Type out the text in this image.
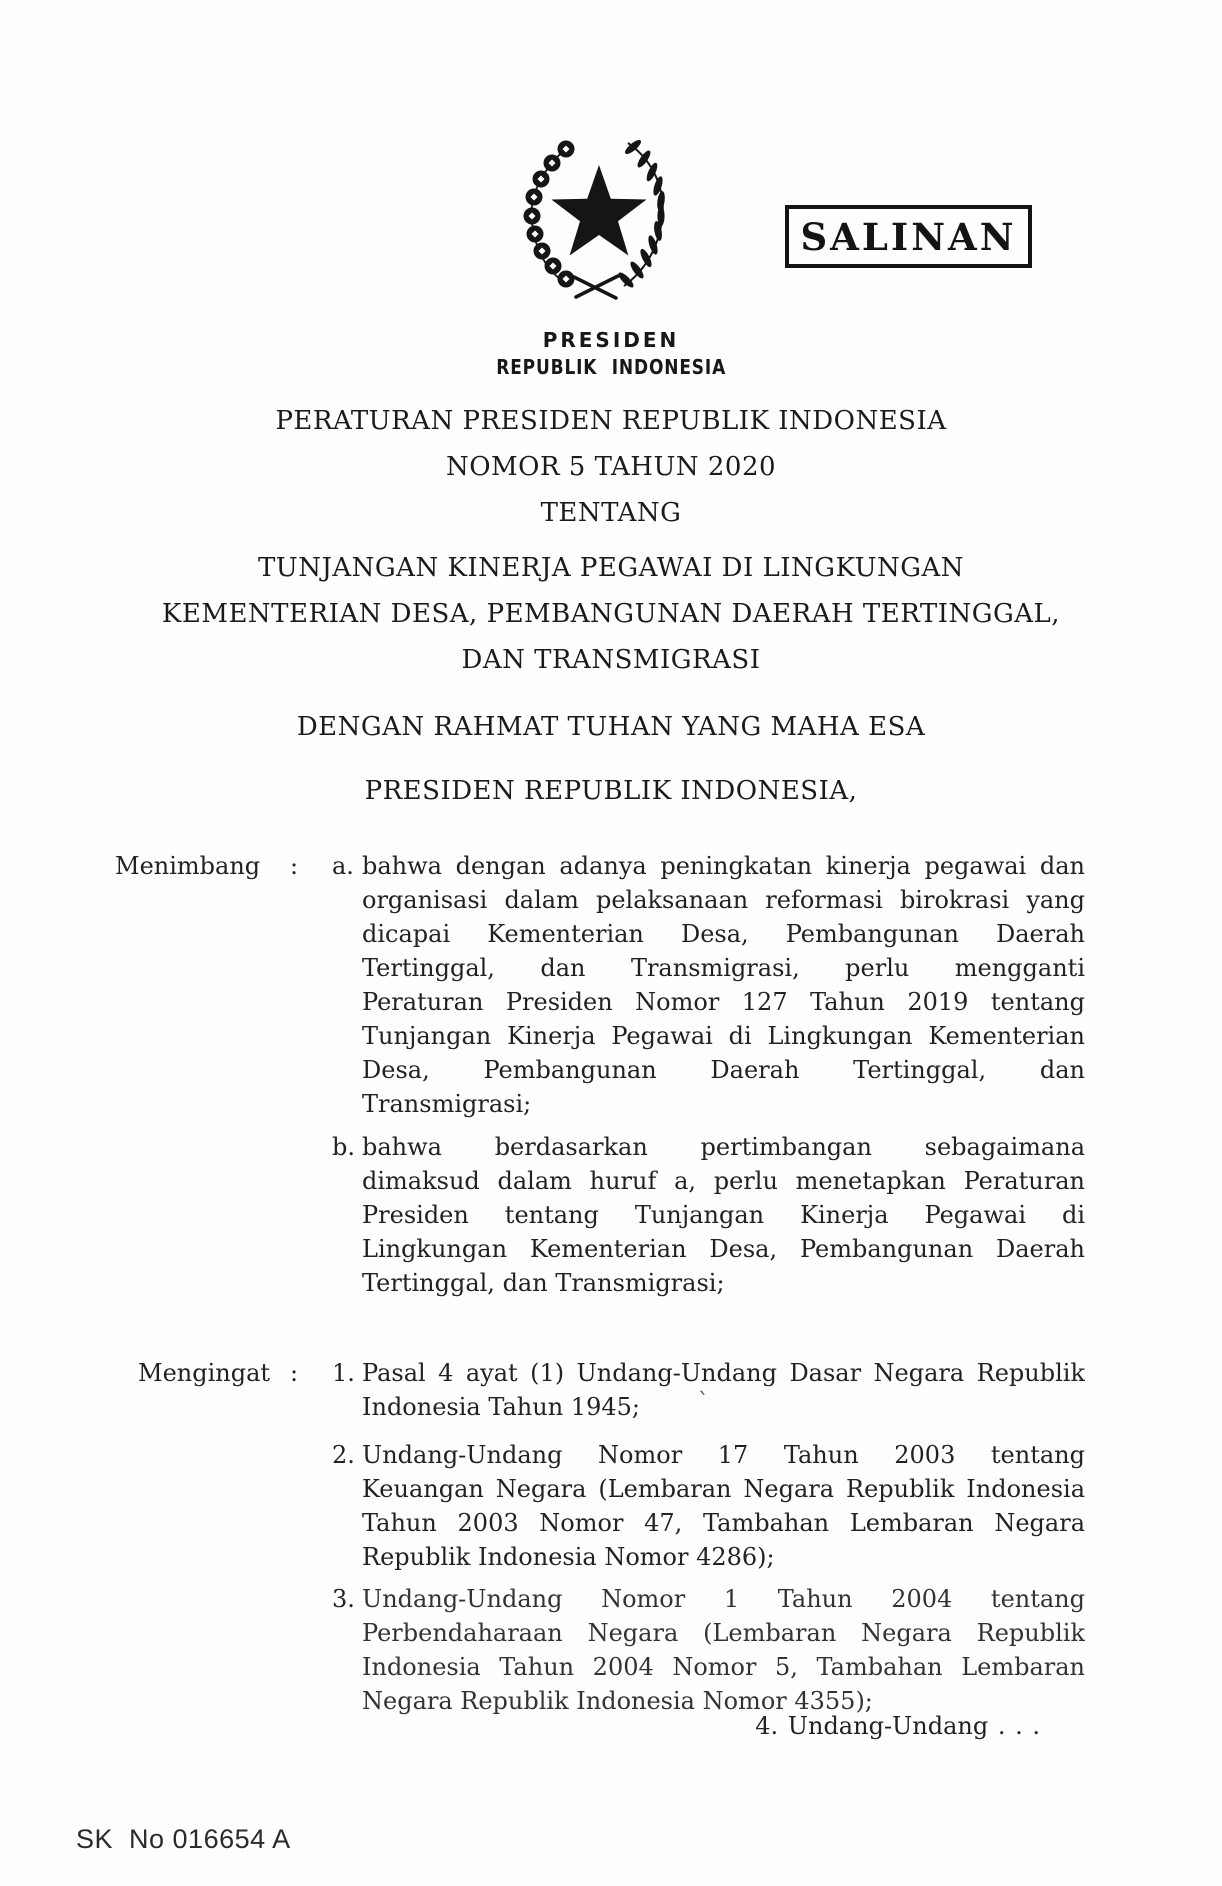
SALINAN
PRESIDEN
REPUBLIK INDONESIA
PERATURAN PRESIDEN REPUBLIK INDONESIA
NOMOR 5 TAHUN 2020
TENTANG
TUNJANGAN KINERJA PEGAWAI DI LINGKUNGAN
KEMENTERIAN DESA, PEMBANGUNAN DAERAH TERTINGGAL,
DAN TRANSMIGRASI
DENGAN RAHMAT TUHAN YANG MAHA ESA
PRESIDEN REPUBLIK INDONESIA,
Menimbang : a. bahwa dengan adanya peningkatan kinerja pegawai dan
organisasi dalam pelaksanaan reformasi birokrasi yang
dicapai Kementerian Desa, Pembangunan Daerah
Tertinggal, dan Transmigrasi, perlu mengganti
Peraturan Presiden Nomor 127 Tahun 2019 tentang
Tunjangan Kinerja Pegawai di Lingkungan Kementerian
Desa, Pembangunan Daerah Tertinggal, dan
Transmigrasi;
b. bahwa berdasarkan pertimbangan sebagaimana
dimaksud dalam huruf a, perlu menetapkan Peraturan
Presiden tentang Tunjangan Kinerja Pegawai di
Lingkungan Kementerian Desa, Pembangunan Daerah
Tertinggal, dan Transmigrasi;
Mengingat : 1. Pasal 4 ayat (1) Undang-Undang Dasar Negara Republik
Indonesia Tahun 1945;	ˋ
2. Undang-Undang Nomor 17 Tahun 2003 tentang
Keuangan Negara (Lembaran Negara Republik Indonesia
Tahun 2003 Nomor 47, Tambahan Lembaran Negara
Republik Indonesia Nomor 4286);
3. Undang-Undang Nomor 1 Tahun 2004 tentang
Perbendaharaan Negara (Lembaran Negara Republik
Indonesia Tahun 2004 Nomor 5, Tambahan Lembaran
Negara Republik Indonesia Nomor 4355);
4. Undang-Undang . . .
SK  No 016654 A
